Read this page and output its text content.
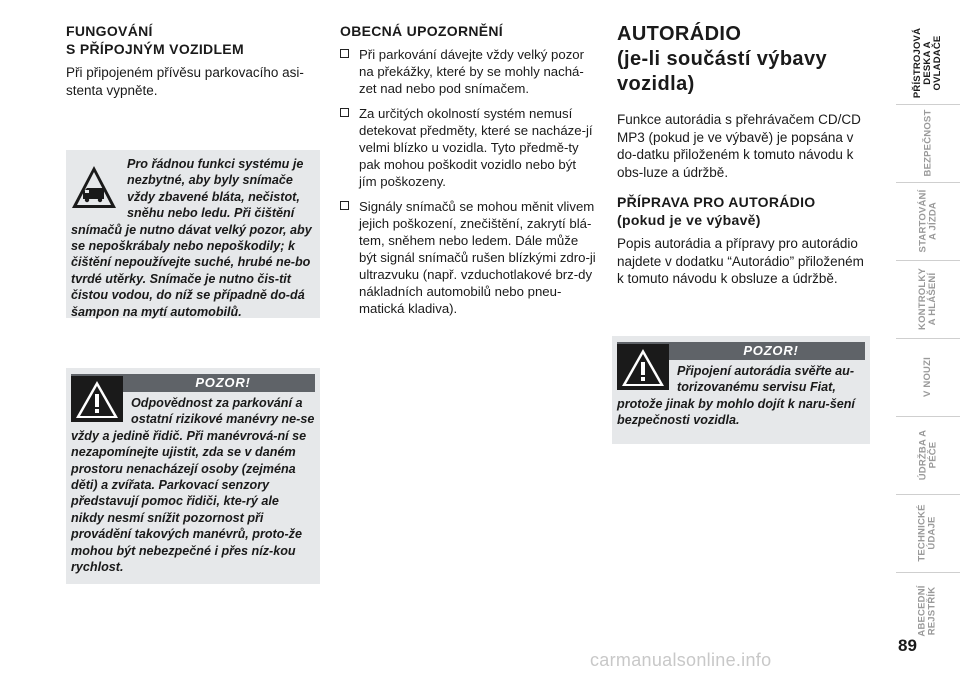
FUNGOVÁNÍ
S PŘÍPOJNÝM VOZIDLEM

Při připojeném přívěsu parkovacího asi-stenta vypněte.

Pro řádnou funkci systému je nezbytné, aby byly snímače vždy zbavené bláta, nečistot, sněhu nebo ledu. Při čištění snímačů je nutno dávat velký pozor, aby se nepoškrábaly nebo nepoškodily; k čištění nepoužívejte suché, hrubé ne-bo tvrdé utěrky. Snímače je nutno čis-tit čistou vodou, do níž se případně do-dá šampon na mytí automobilů.
POZOR!
Odpovědnost za parkování a ostatní rizikové manévry ne-se vždy a jedině řidič. Při manévrová-ní se nezapomínejte ujistit, zda se v daném prostoru nenacházejí osoby (zejména děti) a zvířata. Parkovací senzory představují pomoc řidiči, kte-rý ale nikdy nesmí snížit pozornost při provádění takových manévrů, proto-že mohou být nebezpečné i přes níz-kou rychlost.
OBECNÁ UPOZORNĚNÍ
Při parkování dávejte vždy velký pozor na překážky, které by se mohly nachá-zet nad nebo pod snímačem.
Za určitých okolností systém nemusí detekovat předměty, které se nacháze-jí velmi blízko u vozidla. Tyto předmě-ty pak mohou poškodit vozidlo nebo být jím poškozeny.
Signály snímačů se mohou měnit vlivem jejich poškození, znečištění, zakrytí blá-tem, sněhem nebo ledem. Dále může být signál snímačů rušen blízkými zdro-ji ultrazvuku (např. vzduchotlakové brz-dy nákladních automobilů nebo pneu-matická kladiva).
AUTORÁDIO
(je-li součástí výbavy
vozidla)

Funkce autorádia s přehrávačem CD/CD MP3 (pokud je ve výbavě) je popsána v do-datku přiloženém k tomuto návodu k obs-luze a údržbě.

PŘÍPRAVA PRO AUTORÁDIO
(pokud je ve výbavě)

Popis autorádia a přípravy pro autorádio najdete v dodatku “Autorádio” přiloženém k tomuto návodu k obsluze a údržbě.

POZOR!
Připojení autorádia svěřte au-torizovanému servisu Fiat, protože jinak by mohlo dojít k naru-šení bezpečnosti vozidla.
PŘÍSTROJOVÁ DESKA A OVLADAČE
BEZPEČNOST
STARTOVÁNÍ A JÍZDA
KONTROLKY A HLÁŠENÍ
V NOUZI
ÚDRŽBA A PÉČE
TECHNICKÉ ÚDAJE
ABECEDNÍ REJSTŘÍK
89
carmanualsonline.info
